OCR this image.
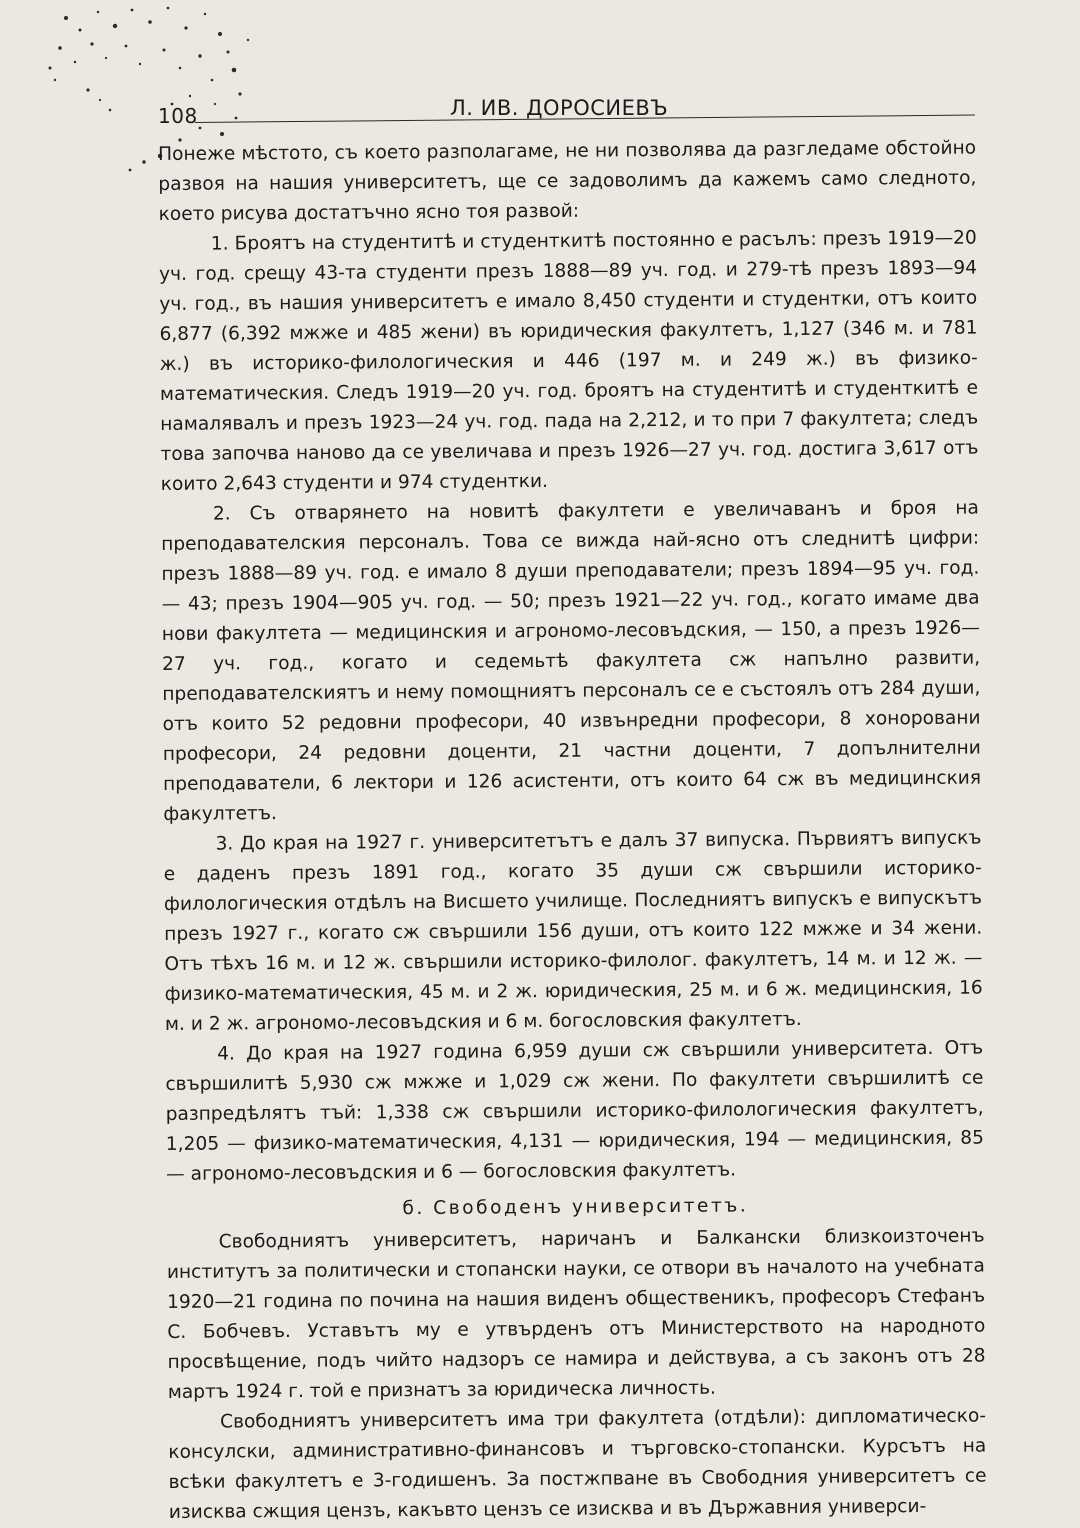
108	Л. ИВ. ДОРОСИЕВЪ

Понеже мѣстото, съ което разполагаме, не ни позволява да разгледаме обстойно развоя на нашия университетъ, ще се задоволимъ да кажемъ само следното, което рисува достатъчно ясно тоя развой:

1. Броятъ на студентитѣ и студенткитѣ постоянно е расълъ: презъ 1919—20 уч. год. срещу 43-та студенти презъ 1888—89 уч. год. и 279-тѣ презъ 1893—94 уч. год., въ нашия университетъ е имало 8,450 студенти и студентки, отъ които 6,877 (6,392 мжже и 485 жени) въ юридическия факултетъ, 1,127 (346 м. и 781 ж.) въ историко-филологическия и 446 (197 м. и 249 ж.) въ физико-математическия. Следъ 1919—20 уч. год. броятъ на студентитѣ и студенткитѣ е намалявалъ и презъ 1923—24 уч. год. пада на 2,212, и то при 7 факултета; следъ това започва наново да се увеличава и презъ 1926—27 уч. год. достига 3,617 отъ които 2,643 студенти и 974 студентки.

2. Съ отварянето на новитѣ факултети е увеличаванъ и броя на преподавателския персоналъ. Това се вижда най-ясно отъ следнитѣ цифри: презъ 1888—89 уч. год. е имало 8 души преподаватели; презъ 1894—95 уч. год. — 43; презъ 1904—905 уч. год. — 50; презъ 1921—22 уч. год., когато имаме два нови факултета — медицинския и агрономо-лесовъдския, — 150, а презъ 1926—27 уч. год., когато и седемьтѣ факултета сж напълно развити, преподавателскиятъ и нему помощниятъ персоналъ се е състоялъ отъ 284 души, отъ които 52 редовни професори, 40 извънредни професори, 8 хоноровани професори, 24 редовни доценти, 21 частни доценти, 7 допълнителни преподаватели, 6 лектори и 126 асистенти, отъ които 64 сж въ медицинския факултетъ.

3. До края на 1927 г. университетътъ е далъ 37 випуска. Първиятъ випускъ е даденъ презъ 1891 год., когато 35 души сж свършили историко-филологическия отдѣлъ на Висшето училище. Последниятъ випускъ е випускътъ презъ 1927 г., когато сж свършили 156 души, отъ които 122 мжже и 34 жени. Отъ тѣхъ 16 м. и 12 ж. свършили историко-филолог. факултетъ, 14 м. и 12 ж. — физико-математическия, 45 м. и 2 ж. юридическия, 25 м. и 6 ж. медицинския, 16 м. и 2 ж. агрономо-лесовъдския и 6 м. богословския факултетъ.

4. До края на 1927 година 6,959 души сж свършили университета. Отъ свършилитѣ 5,930 сж мжже и 1,029 сж жени. По факултети свършилитѣ се разпредѣлятъ тъй: 1,338 сж свършили историко-филологическия факултетъ, 1,205 — физико-математическия, 4,131 — юридическия, 194 — медицинския, 85 — агрономо-лесовъдския и 6 — богословския факултетъ.

б. Свободенъ университетъ.

Свободниятъ университетъ, наричанъ и Балкански близкоизточенъ институтъ за политически и стопански науки, се отвори въ началото на учебната 1920—21 година по почина на нашия виденъ общественикъ, професоръ Стефанъ С. Бобчевъ. Уставътъ му е утвърденъ отъ Министерството на народното просвѣщение, подъ чийто надзоръ се намира и действува, а съ законъ отъ 28 мартъ 1924 г. той е признатъ за юридическа личность.

Свободниятъ университетъ има три факултета (отдѣли): дипломатическо-консулски, административно-финансовъ и търговско-стопански. Курсътъ на всѣки факултетъ е 3-годишенъ. За постжпване въ Свободния университетъ се изисква сжщия цензъ, какъвто цензъ се изисква и въ Държавния универси-
